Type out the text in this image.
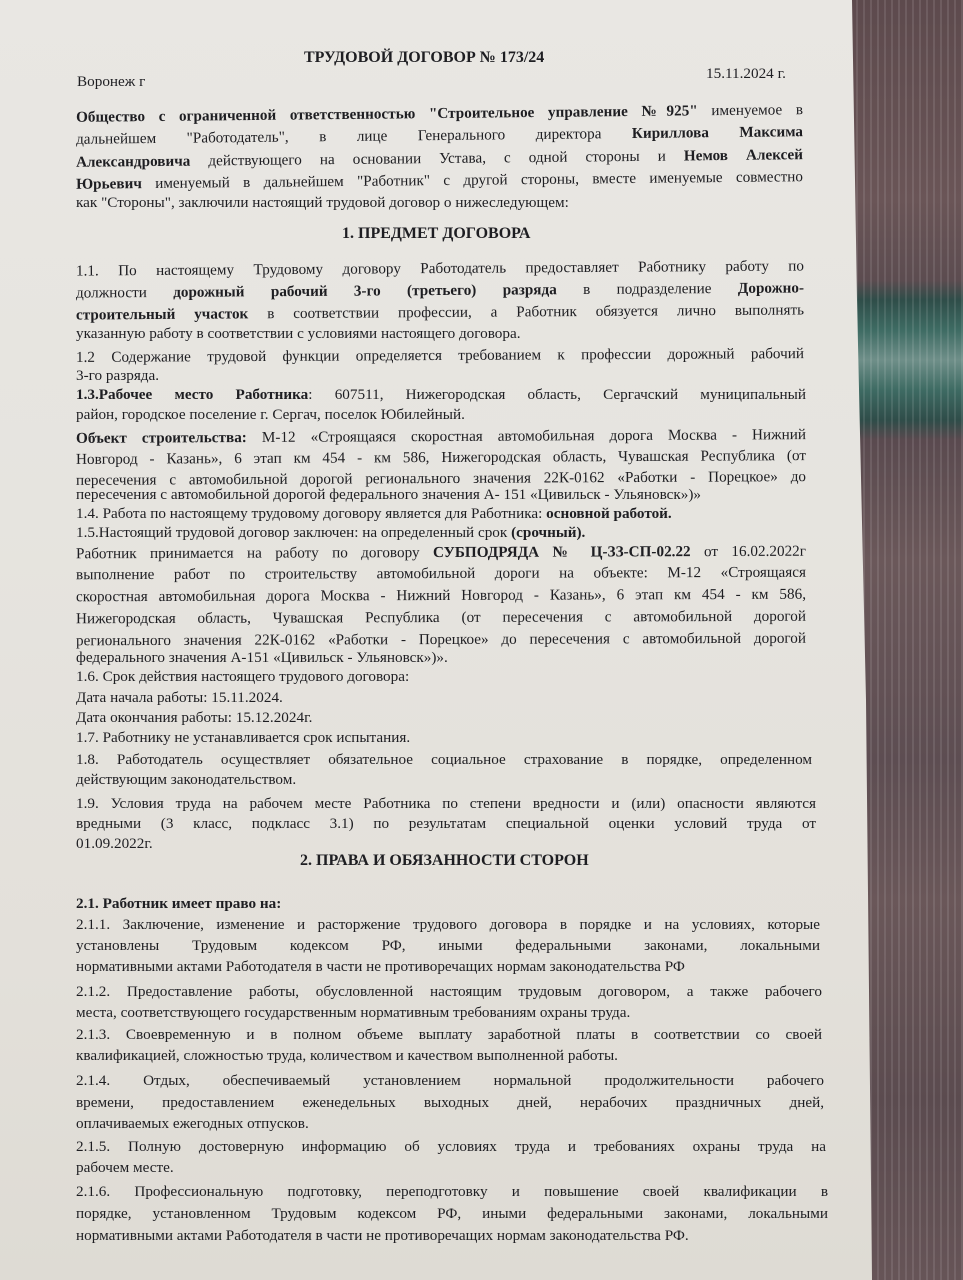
ТРУДОВОЙ ДОГОВОР № 173/24
Воронеж г	15.11.2024 г.
Общество с ограниченной ответственностью "Строительное управление №925" именуемое в
дальнейшем "Работодатель", в лице Генерального директора Кириллова Максима
Александровича действующего на основании Устава, с одной стороны и Немов Алексей
Юрьевич именуемый в дальнейшем "Работник" с другой стороны, вместе именуемые совместно
как "Стороны", заключили настоящий трудовой договор о нижеследующем:
1. ПРЕДМЕТ ДОГОВОРА
1.1. По настоящему Трудовому договору Работодатель предоставляет Работнику работу по
должности дорожный рабочий 3-го (третьего) разряда в подразделение Дорожно-
строительный участок в соответствии профессии, а Работник обязуется лично выполнять
указанную работу в соответствии с условиями настоящего договора.
1.2 Содержание трудовой функции определяется требованием к профессии дорожный рабочий
3-го разряда.
1.3.Рабочее место Работника: 607511, Нижегородская область, Сергачский муниципальный
район, городское поселение г. Сергач, поселок Юбилейный.
Объект строительства: М-12 «Строящаяся скоростная автомобильная дорога Москва - Нижний
Новгород - Казань», 6 этап км 454 - км 586, Нижегородская область, Чувашская Республика (от
пересечения с автомобильной дорогой регионального значения 22К-0162 «Работки - Порецкое» до
пересечения с автомобильной дорогой федерального значения А- 151 «Цивильск - Ульяновск»)»
1.4. Работа по настоящему трудовому договору является для Работника: основной работой.
1.5.Настоящий трудовой договор заключен: на определенный срок (срочный).
Работник принимается на работу по договору СУБПОДРЯДА № Ц-ЗЗ-СП-02.22 от 16.02.2022г
выполнение работ по строительству автомобильной дороги на объекте: М-12 «Строящаяся
скоростная автомобильная дорога Москва - Нижний Новгород - Казань», 6 этап км 454 - км 586,
Нижегородская область, Чувашская Республика (от пересечения с автомобильной дорогой
регионального значения 22К-0162 «Работки - Порецкое» до пересечения с автомобильной дорогой
федерального значения А-151 «Цивильск - Ульяновск»)».
1.6. Срок действия настоящего трудового договора:
Дата начала работы: 15.11.2024.
Дата окончания работы: 15.12.2024г.
1.7. Работнику не устанавливается срок испытания.
1.8. Работодатель осуществляет обязательное социальное страхование в порядке, определенном
действующим законодательством.
1.9. Условия труда на рабочем месте Работника по степени вредности и (или) опасности являются
вредными (3 класс, подкласс 3.1) по результатам специальной оценки условий труда от
01.09.2022г.
2. ПРАВА И ОБЯЗАННОСТИ СТОРОН
2.1. Работник имеет право на:
2.1.1. Заключение, изменение и расторжение трудового договора в порядке и на условиях, которые
установлены Трудовым кодексом РФ, иными федеральными законами, локальными
нормативными актами Работодателя в части не противоречащих нормам законодательства РФ
2.1.2. Предоставление работы, обусловленной настоящим трудовым договором, а также рабочего
места, соответствующего государственным нормативным требованиям охраны труда.
2.1.3. Своевременную и в полном объеме выплату заработной платы в соответствии со своей
квалификацией, сложностью труда, количеством и качеством выполненной работы.
2.1.4. Отдых, обеспечиваемый установлением нормальной продолжительности рабочего
времени, предоставлением еженедельных выходных дней, нерабочих праздничных дней,
оплачиваемых ежегодных отпусков.
2.1.5. Полную достоверную информацию об условиях труда и требованиях охраны труда на
рабочем месте.
2.1.6. Профессиональную подготовку, переподготовку и повышение своей квалификации в
порядке, установленном Трудовым кодексом РФ, иными федеральными законами, локальными
нормативными актами Работодателя в части не противоречащих нормам законодательства РФ.
